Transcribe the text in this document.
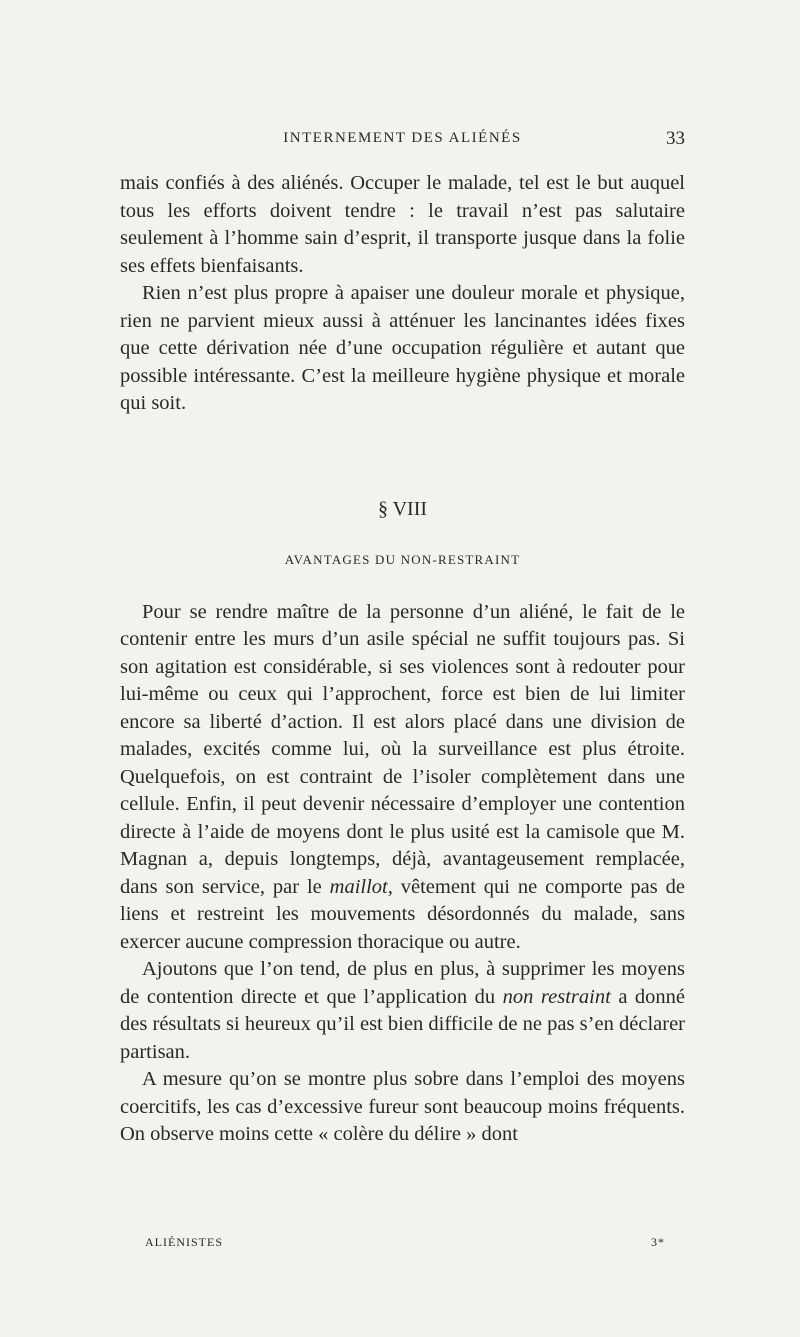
INTERNEMENT DES ALIÉNÉS	33

mais confiés à des aliénés. Occuper le malade, tel est le but auquel tous les efforts doivent tendre : le travail n’est pas salutaire seulement à l’homme sain d’esprit, il transporte jusque dans la folie ses effets bienfaisants.

Rien n’est plus propre à apaiser une douleur morale et physique, rien ne parvient mieux aussi à atténuer les lancinantes idées fixes que cette dérivation née d’une occupation régulière et autant que possible intéressante. C’est la meilleure hygiène physique et morale qui soit.

§ VIII
AVANTAGES DU NON-RESTRAINT

Pour se rendre maître de la personne d’un aliéné, le fait de le contenir entre les murs d’un asile spécial ne suffit toujours pas. Si son agitation est considérable, si ses violences sont à redouter pour lui-même ou ceux qui l’approchent, force est bien de lui limiter encore sa liberté d’action. Il est alors placé dans une division de malades, excités comme lui, où la surveillance est plus étroite. Quelquefois, on est contraint de l’isoler complètement dans une cellule. Enfin, il peut devenir nécessaire d’employer une contention directe à l’aide de moyens dont le plus usité est la camisole que M. Magnan a, depuis longtemps, déjà, avantageusement remplacée, dans son service, par le maillot, vêtement qui ne comporte pas de liens et restreint les mouvements désordonnés du malade, sans exercer aucune compression thoracique ou autre.

Ajoutons que l’on tend, de plus en plus, à supprimer les moyens de contention directe et que l’application du non restraint a donné des résultats si heureux qu’il est bien difficile de ne pas s’en déclarer partisan.

A mesure qu’on se montre plus sobre dans l’emploi des moyens coercitifs, les cas d’excessive fureur sont beaucoup moins fréquents. On observe moins cette « colère du délire » dont

ALIÉNISTES	3*
